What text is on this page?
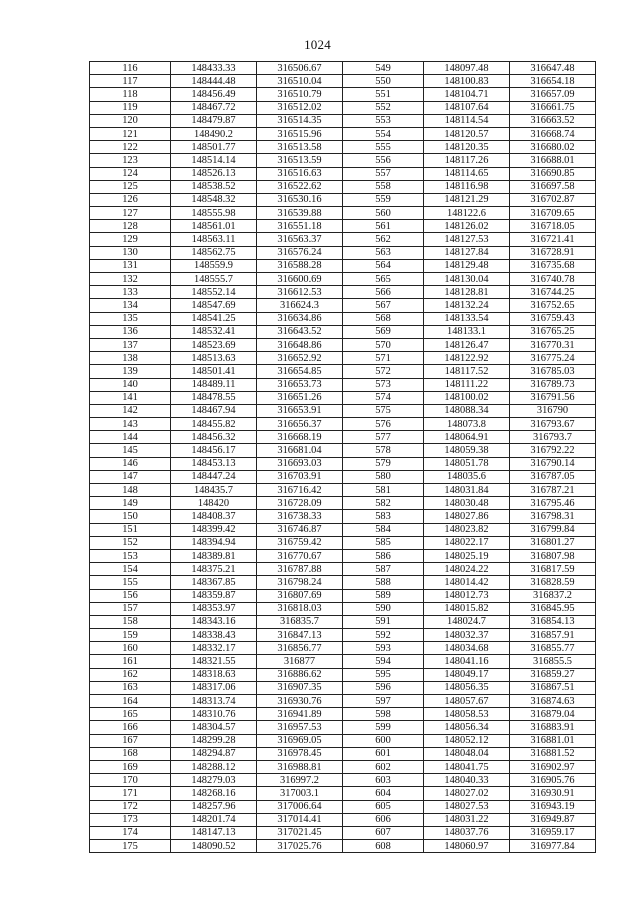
1024
116	148433.33	316506.67	549	148097.48	316647.48
117	148444.48	316510.04	550	148100.83	316654.18
118	148456.49	316510.79	551	148104.71	316657.09
119	148467.72	316512.02	552	148107.64	316661.75
120	148479.87	316514.35	553	148114.54	316663.52
121	148490.2	316515.96	554	148120.57	316668.74
122	148501.77	316513.58	555	148120.35	316680.02
123	148514.14	316513.59	556	148117.26	316688.01
124	148526.13	316516.63	557	148114.65	316690.85
125	148538.52	316522.62	558	148116.98	316697.58
126	148548.32	316530.16	559	148121.29	316702.87
127	148555.98	316539.88	560	148122.6	316709.65
128	148561.01	316551.18	561	148126.02	316718.05
129	148563.11	316563.37	562	148127.53	316721.41
130	148562.75	316576.24	563	148127.84	316728.91
131	148559.9	316588.28	564	148129.48	316735.68
132	148555.7	316600.69	565	148130.04	316740.78
133	148552.14	316612.53	566	148128.81	316744.25
134	148547.69	316624.3	567	148132.24	316752.65
135	148541.25	316634.86	568	148133.54	316759.43
136	148532.41	316643.52	569	148133.1	316765.25
137	148523.69	316648.86	570	148126.47	316770.31
138	148513.63	316652.92	571	148122.92	316775.24
139	148501.41	316654.85	572	148117.52	316785.03
140	148489.11	316653.73	573	148111.22	316789.73
141	148478.55	316651.26	574	148100.02	316791.56
142	148467.94	316653.91	575	148088.34	316790
143	148455.82	316656.37	576	148073.8	316793.67
144	148456.32	316668.19	577	148064.91	316793.7
145	148456.17	316681.04	578	148059.38	316792.22
146	148453.13	316693.03	579	148051.78	316790.14
147	148447.24	316703.91	580	148035.6	316787.05
148	148435.7	316716.42	581	148031.84	316787.21
149	148420	316728.09	582	148030.48	316795.46
150	148408.37	316738.33	583	148027.86	316798.31
151	148399.42	316746.87	584	148023.82	316799.84
152	148394.94	316759.42	585	148022.17	316801.27
153	148389.81	316770.67	586	148025.19	316807.98
154	148375.21	316787.88	587	148024.22	316817.59
155	148367.85	316798.24	588	148014.42	316828.59
156	148359.87	316807.69	589	148012.73	316837.2
157	148353.97	316818.03	590	148015.82	316845.95
158	148343.16	316835.7	591	148024.7	316854.13
159	148338.43	316847.13	592	148032.37	316857.91
160	148332.17	316856.77	593	148034.68	316855.77
161	148321.55	316877	594	148041.16	316855.5
162	148318.63	316886.62	595	148049.17	316859.27
163	148317.06	316907.35	596	148056.35	316867.51
164	148313.74	316930.76	597	148057.67	316874.63
165	148310.76	316941.89	598	148058.53	316879.04
166	148304.57	316957.53	599	148056.34	316883.91
167	148299.28	316969.05	600	148052.12	316881.01
168	148294.87	316978.45	601	148048.04	316881.52
169	148288.12	316988.81	602	148041.75	316902.97
170	148279.03	316997.2	603	148040.33	316905.76
171	148268.16	317003.1	604	148027.02	316930.91
172	148257.96	317006.64	605	148027.53	316943.19
173	148201.74	317014.41	606	148031.22	316949.87
174	148147.13	317021.45	607	148037.76	316959.17
175	148090.52	317025.76	608	148060.97	316977.84
